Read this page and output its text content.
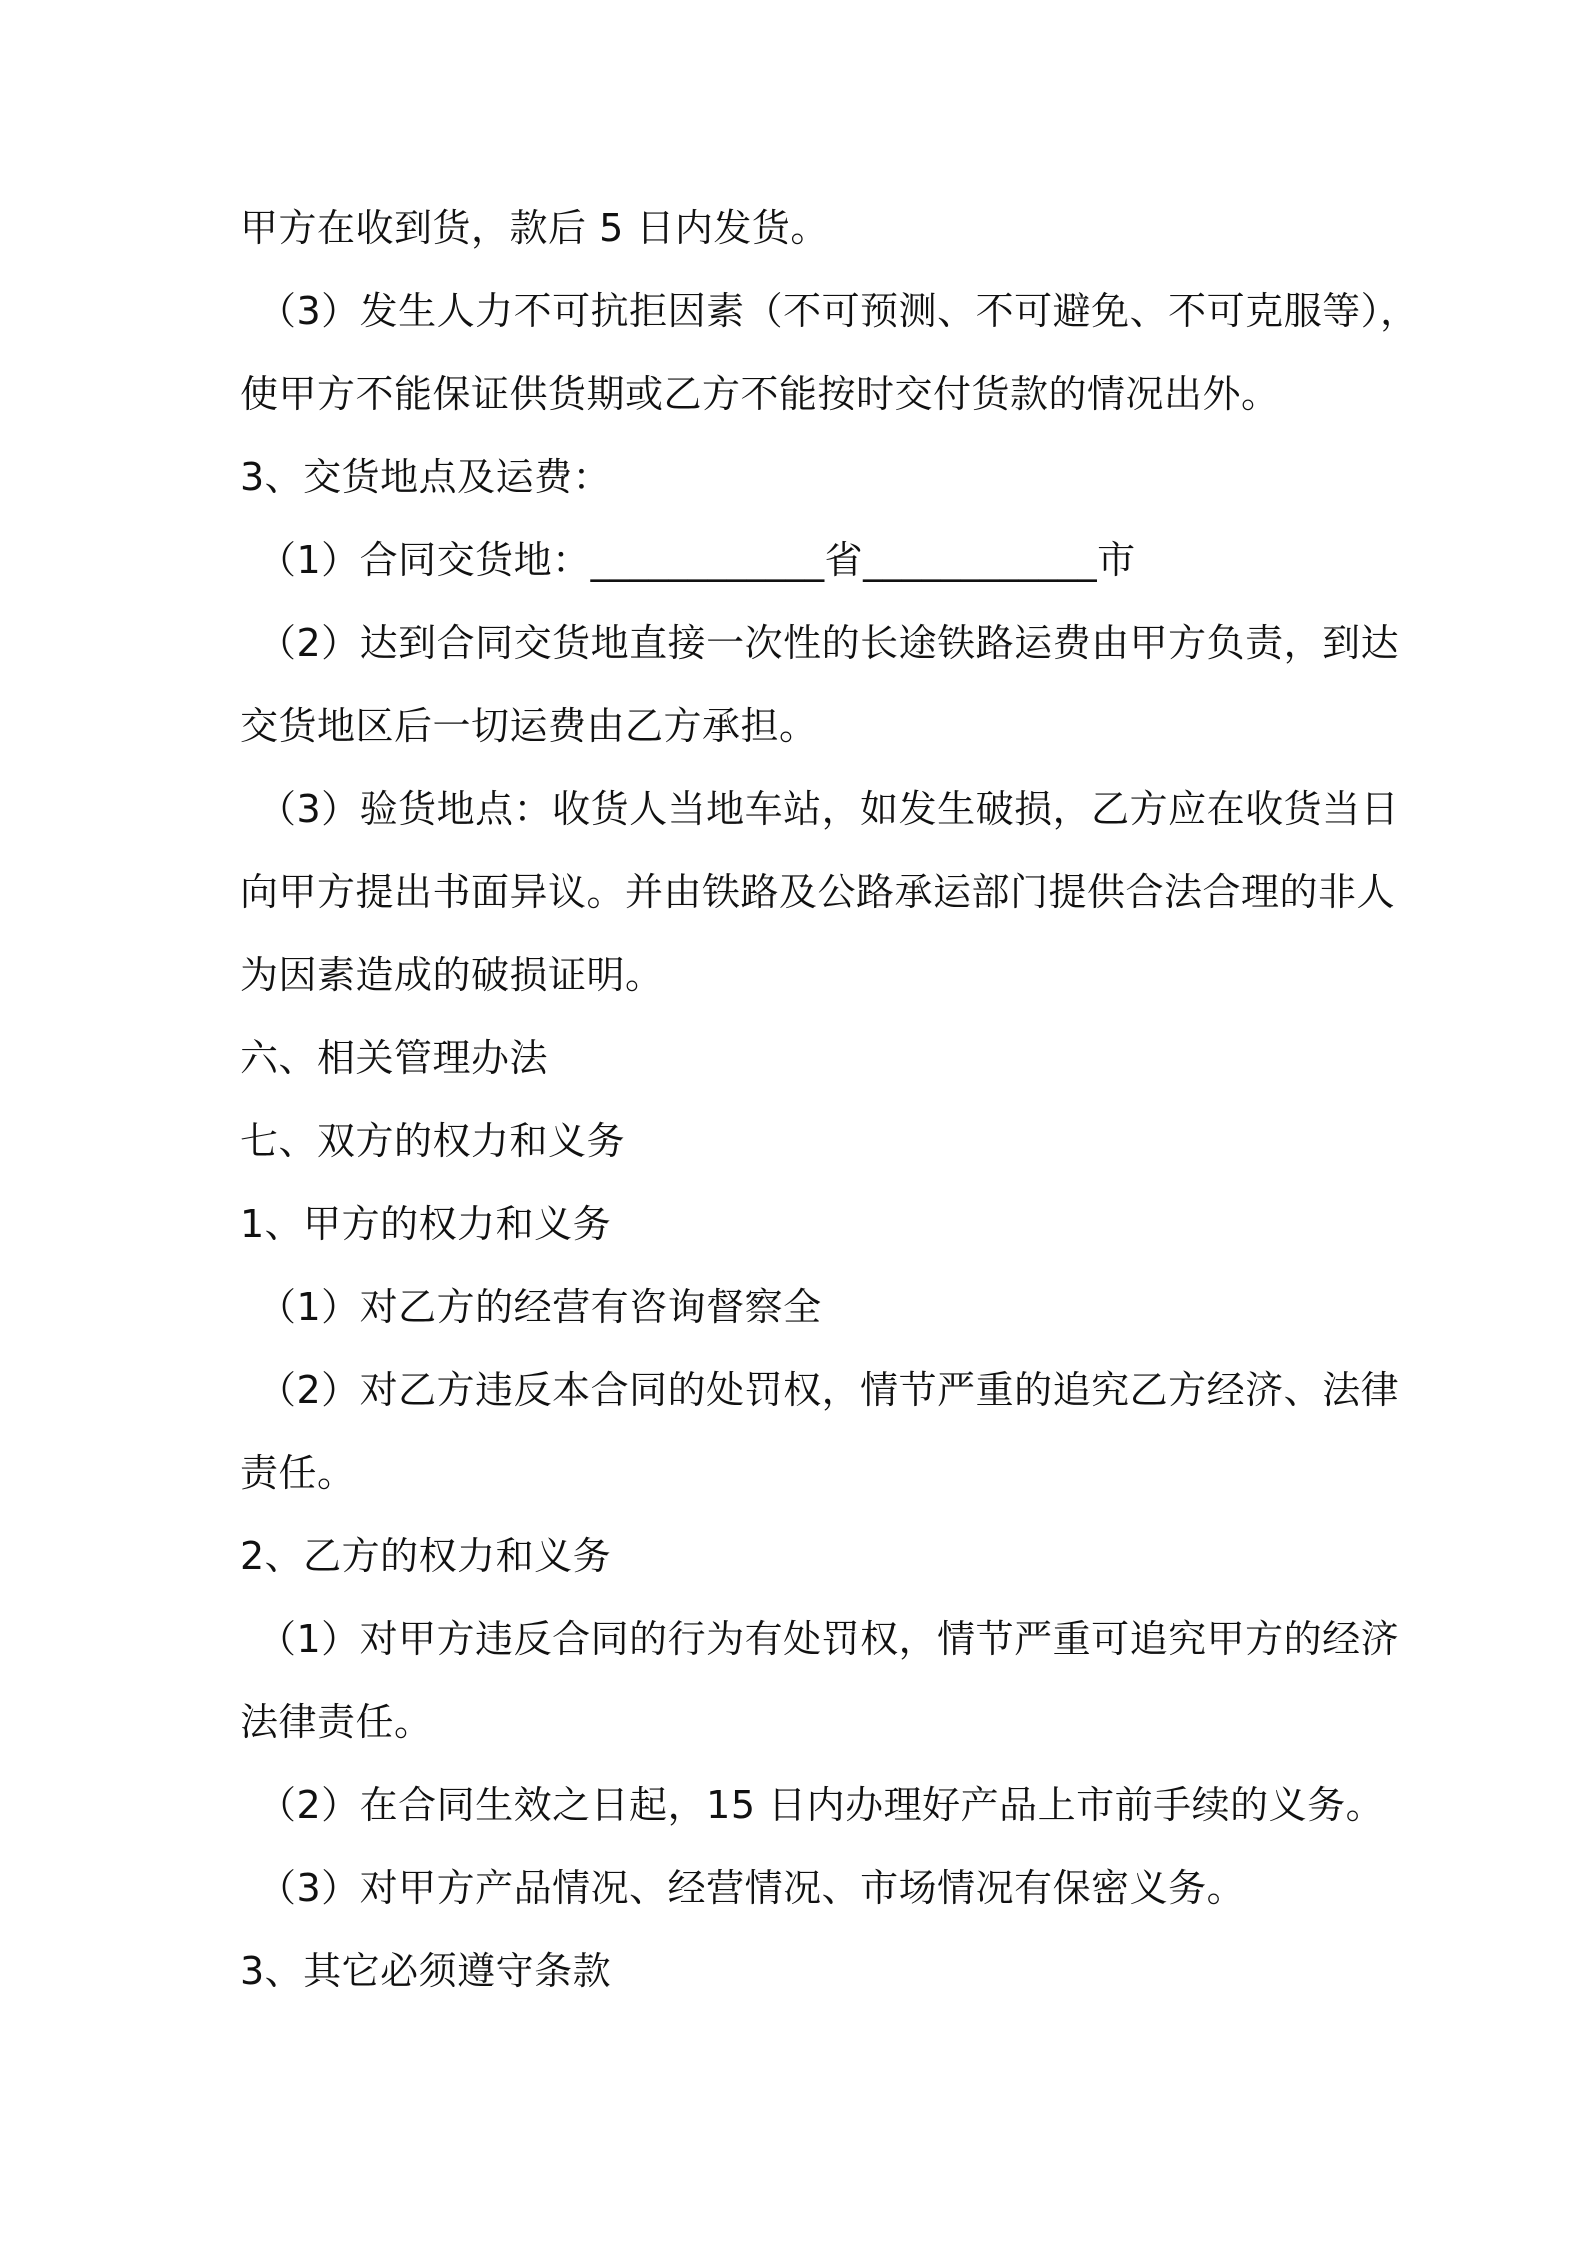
甲方在收到货，款后 5 日内发货。
（3）发生人力不可抗拒因素（不可预测、不可避免、不可克服等），
使甲方不能保证供货期或乙方不能按时交付货款的情况出外。
3、交货地点及运费：
（1）合同交货地：____________省____________市
（2）达到合同交货地直接一次性的长途铁路运费由甲方负责，到达
交货地区后一切运费由乙方承担。
（3）验货地点：收货人当地车站，如发生破损，乙方应在收货当日
向甲方提出书面异议。并由铁路及公路承运部门提供合法合理的非人
为因素造成的破损证明。
六、相关管理办法
七、双方的权力和义务
1、甲方的权力和义务
（1）对乙方的经营有咨询督察全
（2）对乙方违反本合同的处罚权，情节严重的追究乙方经济、法律
责任。
2、乙方的权力和义务
（1）对甲方违反合同的行为有处罚权，情节严重可追究甲方的经济
法律责任。
（2）在合同生效之日起，15 日内办理好产品上市前手续的义务。
（3）对甲方产品情况、经营情况、市场情况有保密义务。
3、其它必须遵守条款
